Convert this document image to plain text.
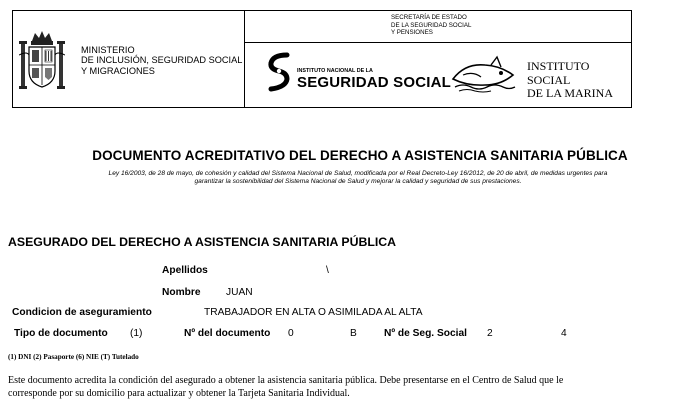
MINISTERIO
DE INCLUSIÓN, SEGURIDAD SOCIAL
Y MIGRACIONES
SECRETARÍA DE ESTADO
DE LA SEGURIDAD SOCIAL
Y PENSIONES
INSTITUTO NACIONAL DE LA
SEGURIDAD SOCIAL
INSTITUTO SOCIAL
DE LA MARINA
DOCUMENTO ACREDITATIVO DEL DERECHO A ASISTENCIA SANITARIA PÚBLICA
Ley 16/2003, de 28 de mayo, de cohesión y calidad del Sistema Nacional de Salud, modificada por el Real Decreto-Ley 16/2012, de 20 de abril, de medidas urgentes para
garantizar la sostenibilidad del Sistema Nacional de Salud y mejorar la calidad y seguridad de sus prestaciones.
ASEGURADO DEL DERECHO A ASISTENCIA SANITARIA PÚBLICA
Apellidos	\
Nombre	JUAN
Condicion de aseguramiento	TRABAJADOR EN ALTA O ASIMILADA AL ALTA
Tipo de documento (1)	Nº del documento 0	B	Nº de Seg. Social 2	4
(1) DNI (2) Pasaporte (6) NIE (T) Tutelado
Este documento acredita la condición del asegurado a obtener la asistencia sanitaria pública. Debe presentarse en el Centro de Salud que le
corresponde por su domicilio para actualizar y obtener la Tarjeta Sanitaria Individual.
